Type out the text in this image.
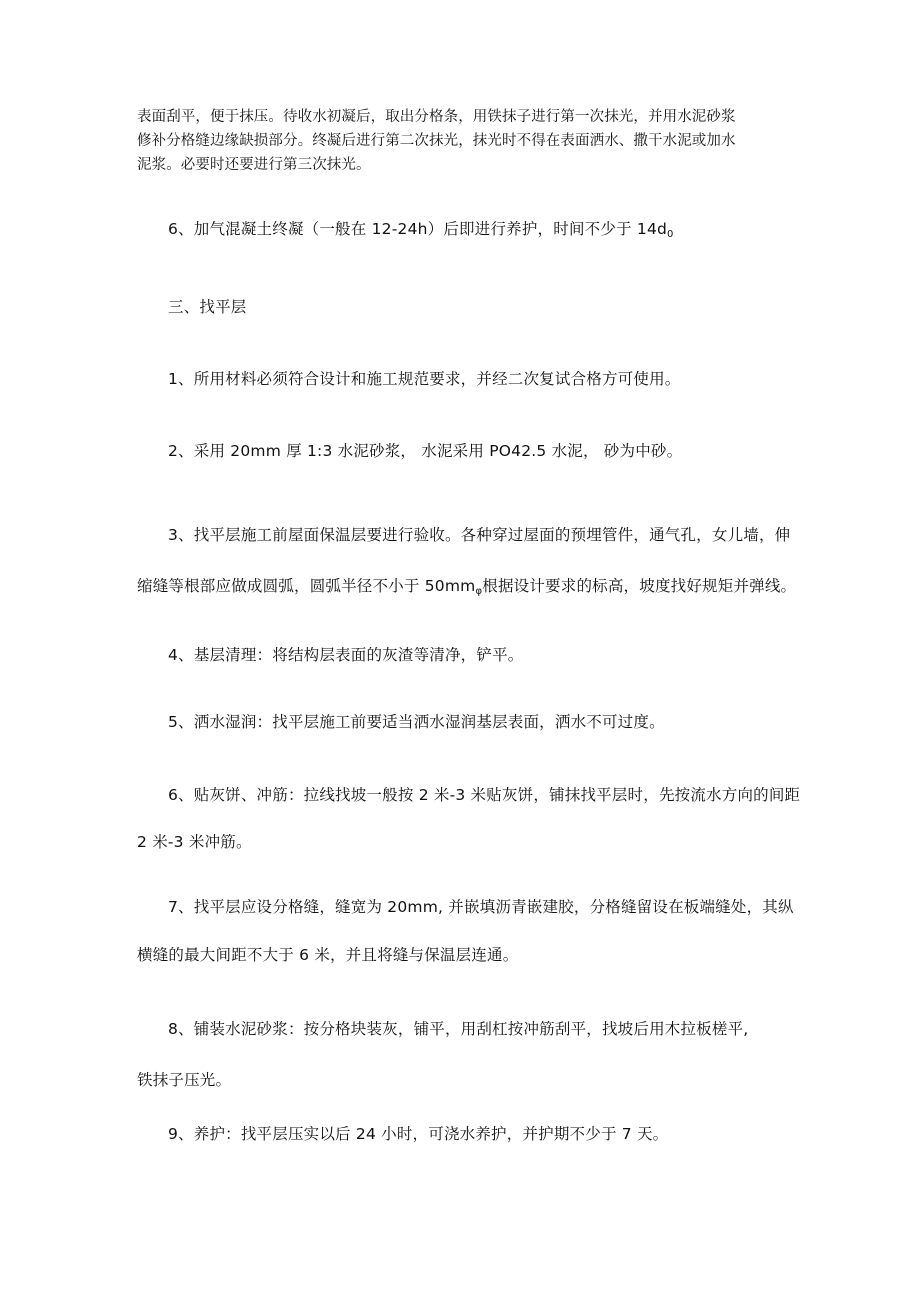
表面刮平，便于抹压。待收水初凝后，取出分格条，用铁抹子进行第一次抹光，并用水泥砂浆
修补分格缝边缘缺损部分。终凝后进行第二次抹光，抹光时不得在表面洒水、撒干水泥或加水
泥浆。必要时还要进行第三次抹光。
6、加气混凝土终凝（一般在 12-24h）后即进行养护，时间不少于 $14d_0$
三、找平层
1、所用材料必须符合设计和施工规范要求，并经二次复试合格方可使用。
2、采用 20mm 厚 1:3 水泥砂浆， 水泥采用 PO42.5 水泥， 砂为中砂。
3、找平层施工前屋面保温层要进行验收。各种穿过屋面的预埋管件，通气孔，女儿墙，伸
缩缝等根部应做成圆弧，圆弧半径不小于 $50mm_\varphi$根据设计要求的标高，坡度找好规矩并弹线。
4、基层清理：将结构层表面的灰渣等清净，铲平。
5、洒水湿润：找平层施工前要适当洒水湿润基层表面，洒水不可过度。
6、贴灰饼、冲筋：拉线找坡一般按 2 米-3 米贴灰饼，铺抹找平层时，先按流水方向的间距
2 米-3 米冲筋。
7、找平层应设分格缝，缝宽为 20mm, 并嵌填沥青嵌建胶，分格缝留设在板端缝处，其纵
横缝的最大间距不大于 6 米，并且将缝与保温层连通。
8、铺装水泥砂浆：按分格块装灰，铺平，用刮杠按冲筋刮平，找坡后用木拉板槎平,
铁抹子压光。
9、养护：找平层压实以后 24 小时，可浇水养护，并护期不少于 7 天。
